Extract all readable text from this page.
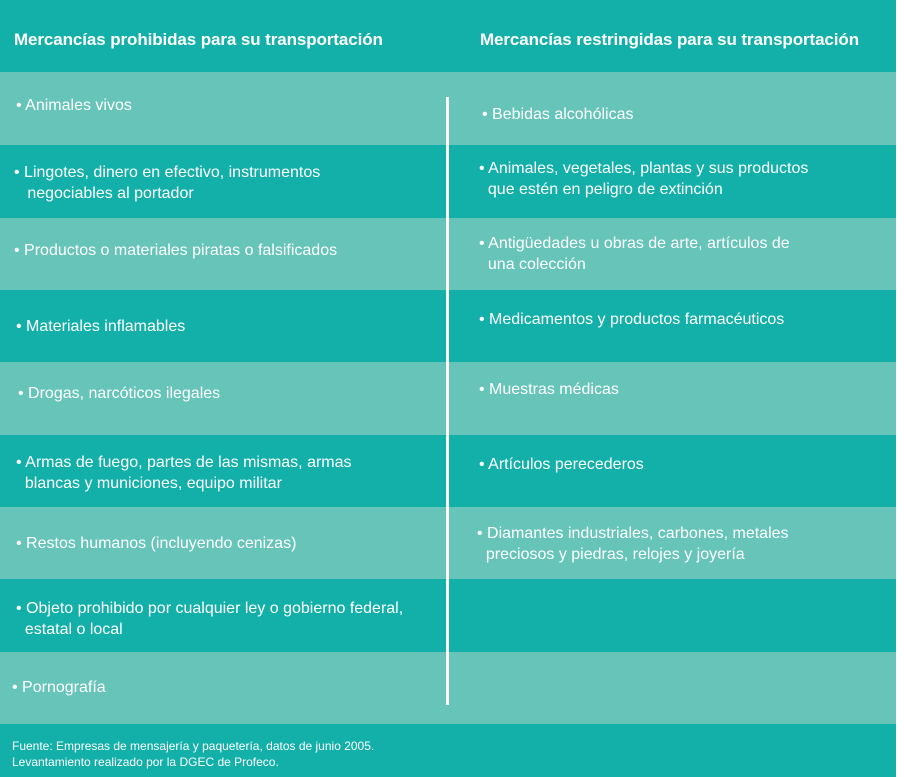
Mercancías prohibidas para su transportación	Mercancías restringidas para su transportación
• Animales vivos
• Lingotes, dinero en efectivo, instrumentos
negociables al portador
• Productos o materiales piratas o falsificados
• Materiales inflamables
• Drogas, narcóticos ilegales
• Armas de fuego, partes de las mismas, armas
blancas y municiones, equipo militar
• Restos humanos (incluyendo cenizas)
• Objeto prohibido por cualquier ley o gobierno federal,
estatal o local
• Pornografía
• Bebidas alcohólicas
• Animales, vegetales, plantas y sus productos
que estén en peligro de extinción
• Antigüedades u obras de arte, artículos de
una colección
• Medicamentos y productos farmacéuticos
• Muestras médicas
• Artículos perecederos
• Diamantes industriales, carbones, metales
preciosos y piedras, relojes y joyería
Fuente: Empresas de mensajería y paquetería, datos de junio 2005.
Levantamiento realizado por la DGEC de Profeco.
